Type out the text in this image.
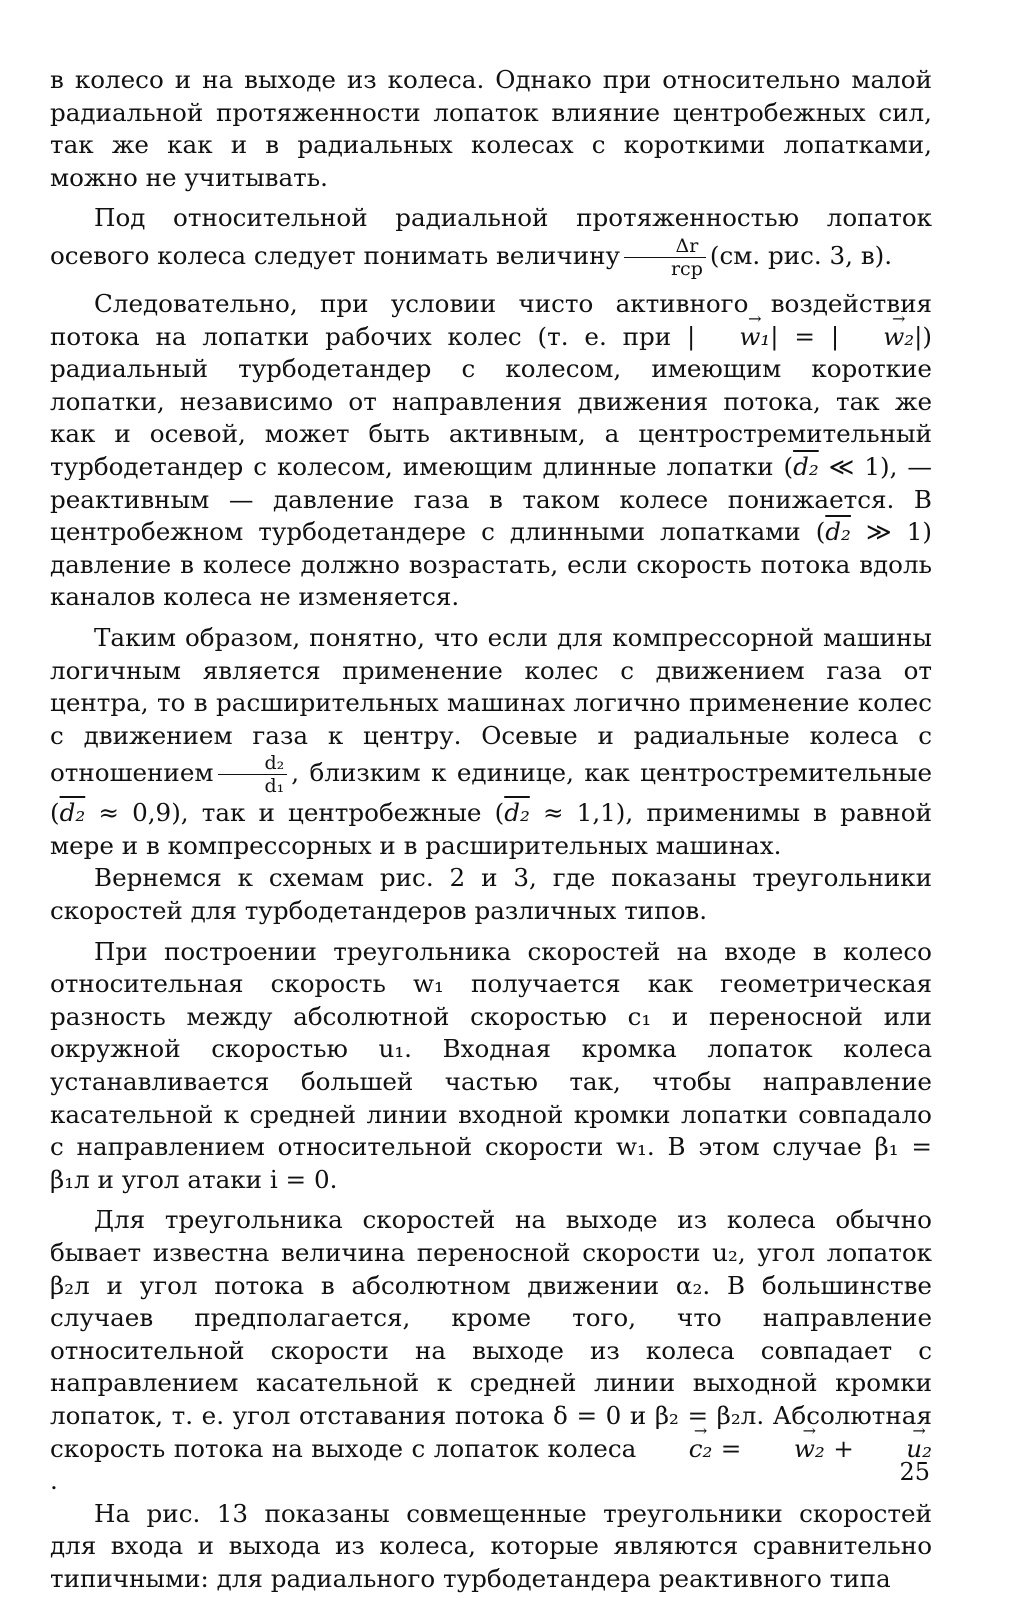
в колесо и на выходе из колеса. Однако при относительно малой радиальной протяженности лопаток влияние центробежных сил, так же как и в радиальных колесах с короткими лопатками, можно не учитывать.

Под относительной радиальной протяженностью лопаток осевого колеса следует понимать величину $\frac{\Delta r}{\text{rср}} (см$. рис. 3, в).

Следовательно, при условии чисто активного воздействия потока на лопатки рабочих колес (т. е. при | → w₁| = | → w₂|) радиальный турбодетандер с колесом, имеющим короткие лопатки, независимо от направления движения потока, так же как и осевой, может быть активным, а центростремительный турбодетандер с колесом, имеющим длинные лопатки (d₂ ≪ 1), — реактивным — давление газа в таком колесе понижается. В центробежном турбодетандере с длинными лопатками (d₂ ≫ 1) давление в колесе должно возрастать, если скорость потока вдоль каналов колеса не изменяется.

Таким образом, понятно, что если для компрессорной машины логичным является применение колес с движением газа от центра, то в расширительных машинах логично применение колес с движением газа к центру. Осевые и радиальные колеса с отношением $\frac{\text{d₂}}{\text{d₁}}$ , близким к единице, как центростремительные (d₂ ≈ 0,9), так и центробежные (d₂ ≈ 1,1), применимы в равной мере и в компрессорных и в расширительных машинах.

Вернемся к схемам рис. 2 и 3, где показаны треугольники скоростей для турбодетандеров различных типов.

При построении треугольника скоростей на входе в колесо относительная скорость w₁ получается как геометрическая разность между абсолютной скоростью c₁ и переносной или окружной скоростью u₁. Входная кромка лопаток колеса устанавливается большей частью так, чтобы направление касательной к средней линии входной кромки лопатки совпадало с направлением относительной скорости w₁. В этом случае β₁ = β₁л и угол атаки i = 0.

Для треугольника скоростей на выходе из колеса обычно бывает известна величина переносной скорости u₂, угол лопаток β₂л и угол потока в абсолютном движении α₂. В большинстве случаев предполагается, кроме того, что направление относительной скорости на выходе из колеса совпадает с направлением касательной к средней линии выходной кромки лопаток, т. е. угол отставания потока δ = 0 и β₂ = β₂л. Абсолютная скорость потока на выходе с лопаток колеса → c₂ = → w₂ + → u₂.

На рис. 13 показаны совмещенные треугольники скоростей для входа и выхода из колеса, которые являются сравнительно типичными: для радиального турбодетандера реактивного типа

25
